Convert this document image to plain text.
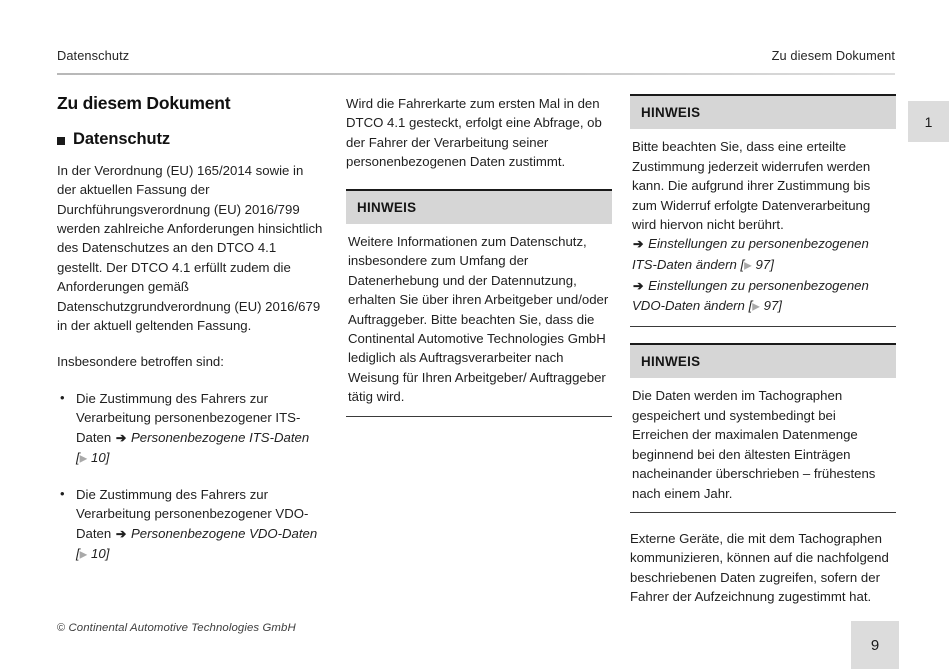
Datenschutz	Zu diesem Dokument
1
Zu diesem Dokument
Datenschutz

In der Verordnung (EU) 165/2014 sowie in der aktuellen Fassung der Durchführungsverordnung (EU) 2016/799 werden zahlreiche Anforderungen hinsichtlich des Datenschutzes an den DTCO 4.1 gestellt. Der DTCO 4.1 erfüllt zudem die Anforderungen gemäß Datenschutzgrundverordnung (EU) 2016/679 in der aktuell geltenden Fassung.

Insbesondere betroffen sind:

• Die Zustimmung des Fahrers zur Verarbeitung personenbezogener ITS-Daten ➔ Personenbezogene ITS-Daten [▶ 10]
• Die Zustimmung des Fahrers zur Verarbeitung personenbezogener VDO-Daten ➔ Personenbezogene VDO-Daten [▶ 10]

Wird die Fahrerkarte zum ersten Mal in den DTCO 4.1 gesteckt, erfolgt eine Abfrage, ob der Fahrer der Verarbeitung seiner personenbezogenen Daten zustimmt.

HINWEIS

Weitere Informationen zum Datenschutz, insbesondere zum Umfang der Datenerhebung und der Datennutzung, erhalten Sie über ihren Arbeitgeber und/oder Auftraggeber. Bitte beachten Sie, dass die Continental Automotive Technologies GmbH lediglich als Auftragsverarbeiter nach Weisung für Ihren Arbeitgeber/ Auftraggeber tätig wird.

HINWEIS

Bitte beachten Sie, dass eine erteilte Zustimmung jederzeit widerrufen werden kann. Die aufgrund ihrer Zustimmung bis zum Widerruf erfolgte Datenverarbeitung wird hiervon nicht berührt.

➔ Einstellungen zu personenbezogenen ITS-Daten ändern [▶ 97]
➔ Einstellungen zu personenbezogenen VDO-Daten ändern [▶ 97]
HINWEIS

Die Daten werden im Tachographen gespeichert und systembedingt bei Erreichen der maximalen Datenmenge beginnend bei den ältesten Einträgen nacheinander überschrieben – frühestens nach einem Jahr.

Externe Geräte, die mit dem Tachographen kommunizieren, können auf die nachfolgend beschriebenen Daten zugreifen, sofern der Fahrer der Aufzeichnung zugestimmt hat.

© Continental Automotive Technologies GmbH
9
